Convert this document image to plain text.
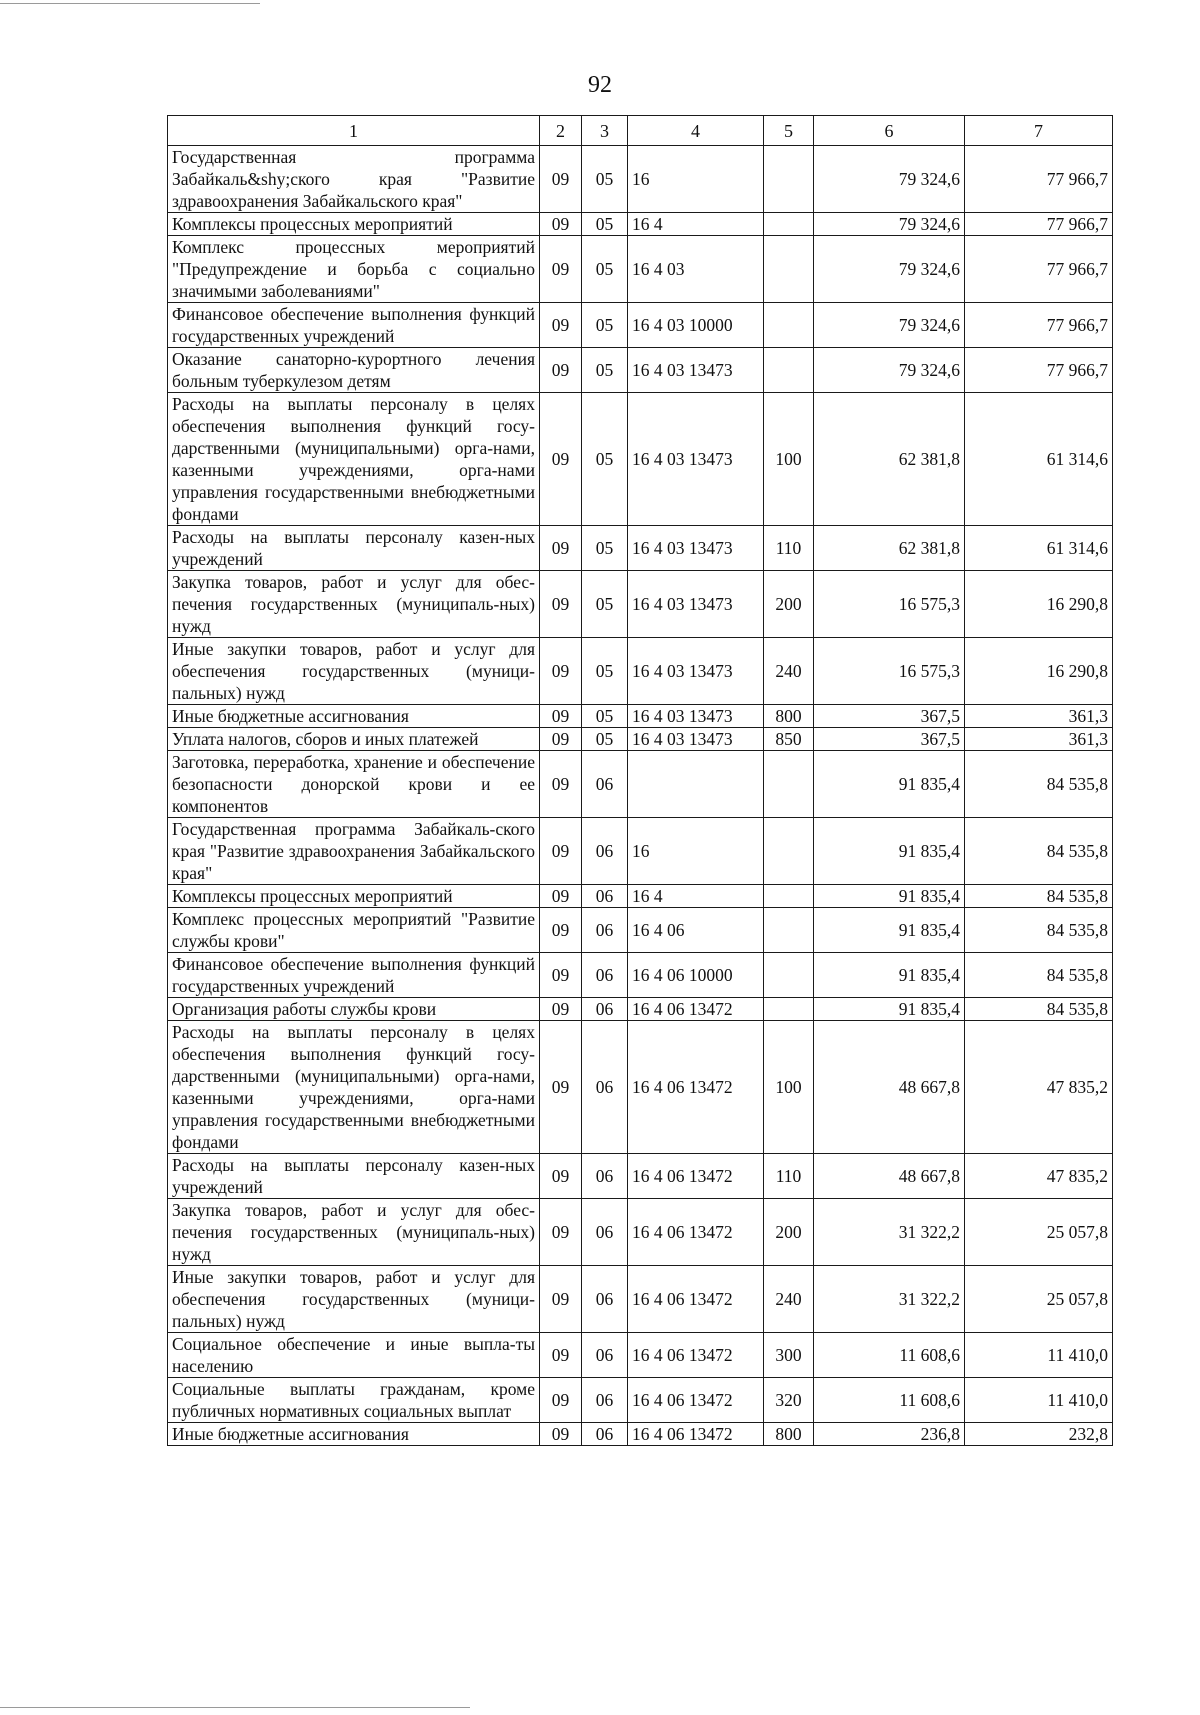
92
1	2	3	4	5	6	7
Государственная программа Забайкаль&shy;ского края "Развитие здравоохранения Забайкальского края"	09	05	16		79 324,6	77 966,7
Комплексы процессных мероприятий	09	05	16 4		79 324,6	77 966,7
Комплекс процессных мероприятий "Предупреждение и борьба с социально значимыми заболеваниями"	09	05	16 4 03		79 324,6	77 966,7
Финансовое обеспечение выполнения функций государственных учреждений	09	05	16 4 03 10000		79 324,6	77 966,7
Оказание санаторно-курортного лечения больным туберкулезом детям	09	05	16 4 03 13473		79 324,6	77 966,7
Расходы на выплаты персоналу в целях обеспечения выполнения функций госу-дарственными (муниципальными) орга-нами, казенными учреждениями, орга-нами управления государственными внебюджетными фондами	09	05	16 4 03 13473	100	62 381,8	61 314,6
Расходы на выплаты персоналу казен-ных учреждений	09	05	16 4 03 13473	110	62 381,8	61 314,6
Закупка товаров, работ и услуг для обес-печения государственных (муниципаль-ных) нужд	09	05	16 4 03 13473	200	16 575,3	16 290,8
Иные закупки товаров, работ и услуг для обеспечения государственных (муници-пальных) нужд	09	05	16 4 03 13473	240	16 575,3	16 290,8
Иные бюджетные ассигнования	09	05	16 4 03 13473	800	367,5	361,3
Уплата налогов, сборов и иных платежей	09	05	16 4 03 13473	850	367,5	361,3
Заготовка, переработка, хранение и обеспечение безопасности донорской крови и ее компонентов	09	06			91 835,4	84 535,8
Государственная программа Забайкаль-ского края "Развитие здравоохранения Забайкальского края"	09	06	16		91 835,4	84 535,8
Комплексы процессных мероприятий	09	06	16 4		91 835,4	84 535,8
Комплекс процессных мероприятий "Развитие службы крови"	09	06	16 4 06		91 835,4	84 535,8
Финансовое обеспечение выполнения функций государственных учреждений	09	06	16 4 06 10000		91 835,4	84 535,8
Организация работы службы крови	09	06	16 4 06 13472		91 835,4	84 535,8
Расходы на выплаты персоналу в целях обеспечения выполнения функций госу-дарственными (муниципальными) орга-нами, казенными учреждениями, орга-нами управления государственными внебюджетными фондами	09	06	16 4 06 13472	100	48 667,8	47 835,2
Расходы на выплаты персоналу казен-ных учреждений	09	06	16 4 06 13472	110	48 667,8	47 835,2
Закупка товаров, работ и услуг для обес-печения государственных (муниципаль-ных) нужд	09	06	16 4 06 13472	200	31 322,2	25 057,8
Иные закупки товаров, работ и услуг для обеспечения государственных (муници-пальных) нужд	09	06	16 4 06 13472	240	31 322,2	25 057,8
Социальное обеспечение и иные выпла-ты населению	09	06	16 4 06 13472	300	11 608,6	11 410,0
Социальные выплаты гражданам, кроме публичных нормативных социальных выплат	09	06	16 4 06 13472	320	11 608,6	11 410,0
Иные бюджетные ассигнования	09	06	16 4 06 13472	800	236,8	232,8
